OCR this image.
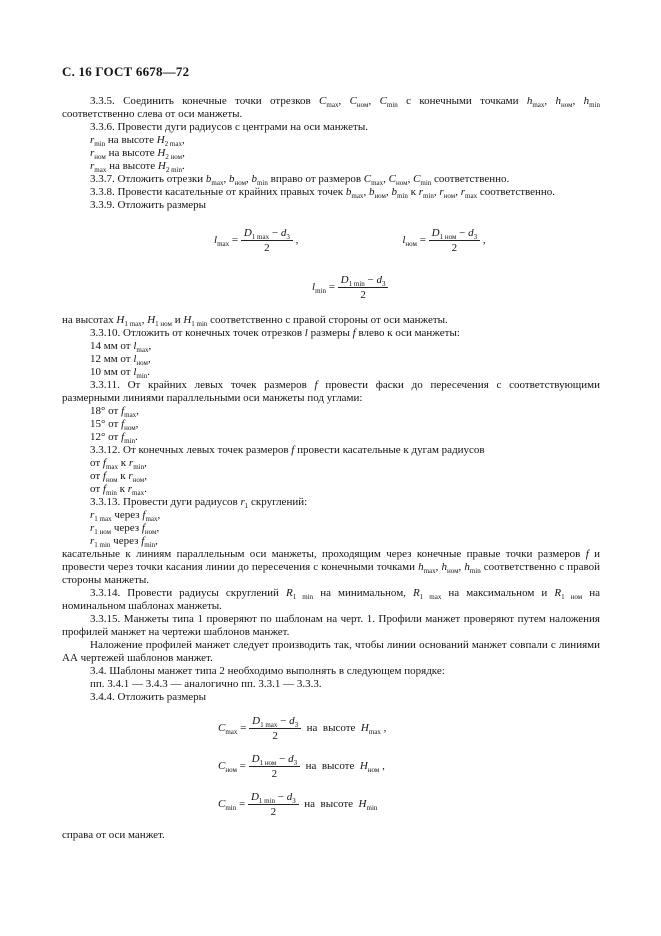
С. 16 ГОСТ 6678—72

3.3.5. Соединить конечные точки отрезков $C_{max}$, $C_{ном}$, $C_{min}$ с конечными точками $h_{max}$, $h_{ном}$, $h_{min}$ соответственно слева от оси манжеты.

3.3.6. Провести дуги радиусов с центрами на оси манжеты.

$r_{min}$ на высоте $H_{2 max}$,

$r_{ном}$ на высоте $H_{2 ном}$,

$r_{max}$ на высоте $H_{2 min}$.

3.3.7. Отложить отрезки $b_{max}$, $b_{ном}$, $b_{min}$ вправо от размеров $C_{max}$, $C_{ном}$, $C_{min}$ соответственно.

3.3.8. Провести касательные от крайних правых точек $b_{max}$, $b_{ном}$, $b_{min}$ к $r_{min}$, $r_{ном}$, $r_{max}$ соответственно.

3.3.9. Отложить размеры

$l_{max} = \frac{D_{1 max} - d_3}{2}$ ,	$l_{ном} = \frac{D_{1 ном} - d_3}{2}$ ,
$l_{min} = \frac{D_{1 min} - d_3}{2}$

на высотах $H_{1 max}$, $H_{1 ном}$ и $H_{1 min}$ соответственно с правой стороны от оси манжеты.

3.3.10. Отложить от конечных точек отрезков l размеры f влево к оси манжеты:

14 мм от $l_{max}$,

12 мм от $l_{ном}$,

10 мм от $l_{min}$.

3.3.11. От крайних левых точек размеров f провести фаски до пересечения с соответствующими размерными линиями параллельными оси манжеты под углами:

18° от $f_{max}$,

15° от $f_{ном}$,

12° от $f_{min}$.

3.3.12. От конечных левых точек размеров f провести касательные к дугам радиусов

от $f_{max}$ к $r_{min}$,

от $f_{ном}$ к $r_{ном}$,

от $f_{min}$ к $r_{max}$.

3.3.13. Провести дуги радиусов $r_1$ скруглений:

$r_{1 max}$ через $f_{max}$,

$r_{1 ном}$ через $f_{ном}$,

$r_{1 min}$ через $f_{min}$,

касательные к линиям параллельным оси манжеты, проходящим через конечные правые точки размеров f и провести через точки касания линии до пересечения с конечными точками $h_{max}$, $h_{ном}$, $h_{min}$ соответственно с правой стороны манжеты.

3.3.14. Провести радиусы скруглений $R_{1 min}$ на минимальном, $R_{1 max}$ на максимальном и $R_{1 ном}$ на номинальном шаблонах манжеты.

3.3.15. Манжеты типа 1 проверяют по шаблонам на черт. 1. Профили манжет проверяют путем наложения профилей манжет на чертежи шаблонов манжет.

Наложение профилей манжет следует производить так, чтобы линии оснований манжет совпали с линиями АА чертежей шаблонов манжет.

3.4. Шаблоны манжет типа 2 необходимо выполнять в следующем порядке:

пп. 3.4.1 — 3.4.3 — аналогично пп. 3.3.1 — 3.3.3.

3.4.4. Отложить размеры

$C_{max} = \frac{D_{1 max} - d_3}{2}$ на  высоте  $H_{max}$ ,
$C_{ном} = \frac{D_{1 ном} - d_3}{2}$ на  высоте  $H_{ном}$ ,
$C_{min} = \frac{D_{1 min} - d_3}{2}$ на  высоте  $H_{min}$

справа от оси манжет.
